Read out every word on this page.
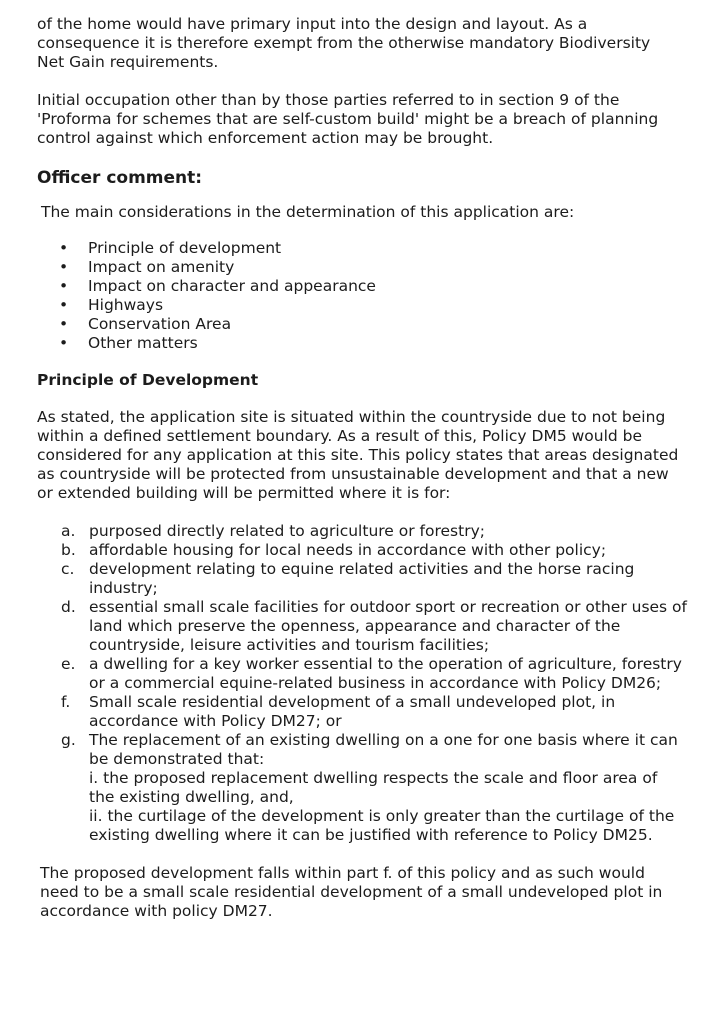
of the home would have primary input into the design and layout. As a consequence it is therefore exempt from the otherwise mandatory Biodiversity Net Gain requirements.

Initial occupation other than by those parties referred to in section 9 of the 'Proforma for schemes that are self-custom build' might be a breach of planning control against which enforcement action may be brought.

Officer comment:

The main considerations in the determination of this application are:

• Principle of development
• Impact on amenity
• Impact on character and appearance
• Highways
• Conservation Area
• Other matters
Principle of Development

As stated, the application site is situated within the countryside due to not being within a defined settlement boundary. As a result of this, Policy DM5 would be considered for any application at this site. This policy states that areas designated as countryside will be protected from unsustainable development and that a new or extended building will be permitted where it is for:

a. purposed directly related to agriculture or forestry;
b. affordable housing for local needs in accordance with other policy;
c. development relating to equine related activities and the horse racing industry;
d. essential small scale facilities for outdoor sport or recreation or other uses of land which preserve the openness, appearance and character of the countryside, leisure activities and tourism facilities;
e. a dwelling for a key worker essential to the operation of agriculture, forestry or a commercial equine-related business in accordance with Policy DM26;
f. Small scale residential development of a small undeveloped plot, in accordance with Policy DM27; or
g. The replacement of an existing dwelling on a one for one basis where it can be demonstrated that:
i. the proposed replacement dwelling respects the scale and floor area of the existing dwelling, and,
ii. the curtilage of the development is only greater than the curtilage of the existing dwelling where it can be justified with reference to Policy DM25.

The proposed development falls within part f. of this policy and as such would need to be a small scale residential development of a small undeveloped plot in accordance with policy DM27.
